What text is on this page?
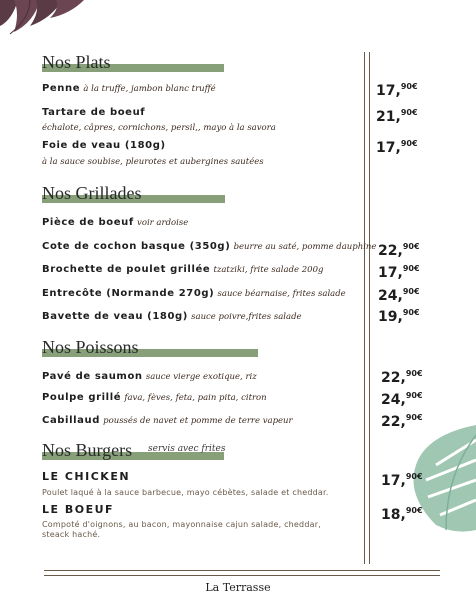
Nos Plats
Penne à la truffe, jambon blanc truffé	17,$^{90€}$
Tartare de boeuf
échalote, câpres, cornichons, persil,, mayo à la savora
21,$^{90€}$
Foie de veau (180g)
à la sauce soubise, pleurotes et aubergines sautées
17,$^{90€}$
Nos Grillades
Pièce de boeuf voir ardoise
Cote de cochon basque (350g) beurre au saté, pomme dauphine 22,$^{90€}$
Brochette de poulet grillée tzatziki, frite salade 200g	17,$^{90€}$
Entrecôte (Normande 270g) sauce béarnaise, frites salade 24,$^{90€}$
Bavette de veau (180g) sauce poivre,frites salade	19,$^{90€}$
Nos Poissons
Pavé de saumon sauce vierge exotique, riz	22,$^{90€}$
Poulpe grillé fava, fèves, feta, pain pita, citron	24,$^{90€}$
Cabillaud poussés de navet et pomme de terre vapeur	22,$^{90€}$
Nos Burgers servis avec frites
LE CHICKEN
Poulet laqué à la sauce barbecue, mayo cébètes, salade et cheddar.
17,$^{90€}$
LE BOEUF
Compoté d'oignons, au bacon, mayonnaise cajun salade, cheddar,
steack haché.
18,$^{90€}$
La Terrasse
